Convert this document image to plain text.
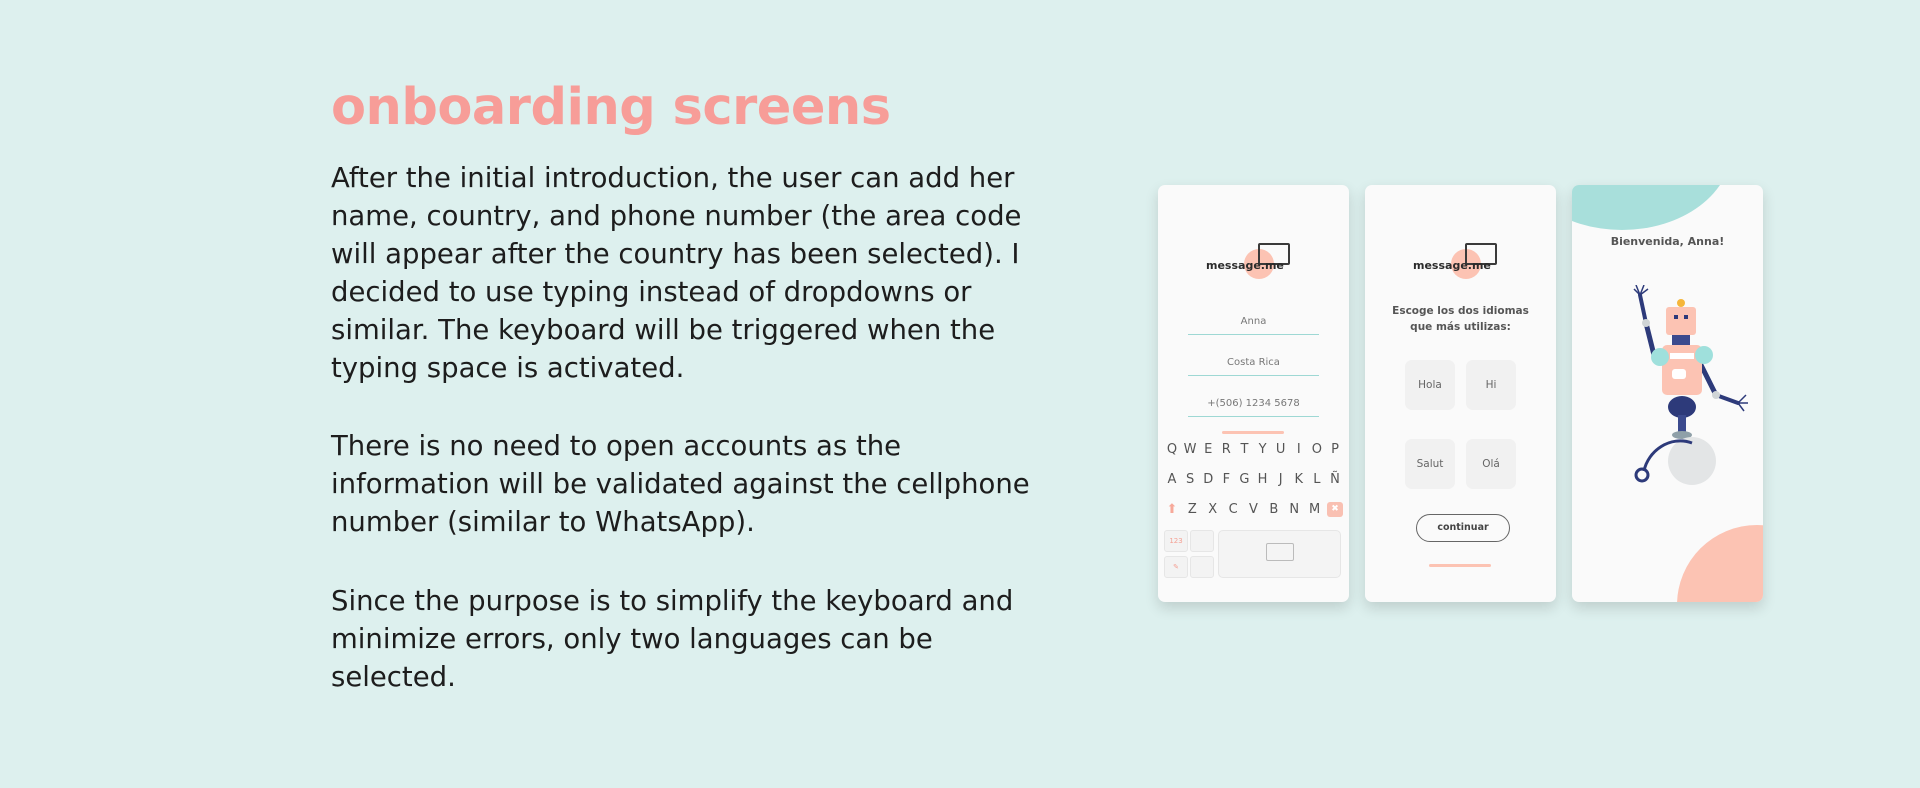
onboarding screens

After the initial introduction, the user can add her name, country, and phone number (the area code will appear after the country has been selected). I decided to use typing instead of dropdowns or similar. The keyboard will be triggered when the typing space is activated.

There is no need to open accounts as the information will be validated against the cellphone number (similar to WhatsApp).

Since the purpose is to simplify the keyboard and minimize errors, only two languages can be selected.

message.me
Anna
Costa Rica
+(506) 1234 5678
Q W E R T Y U I O P
A S D F G H J K L Ñ
⬆ Z X C V B N M	✖
123
✎
message.me
Escoge los dos idiomas
que más utilizas:
Hola	Hi
Salut	Olá
continuar
Bienvenida, Anna!
